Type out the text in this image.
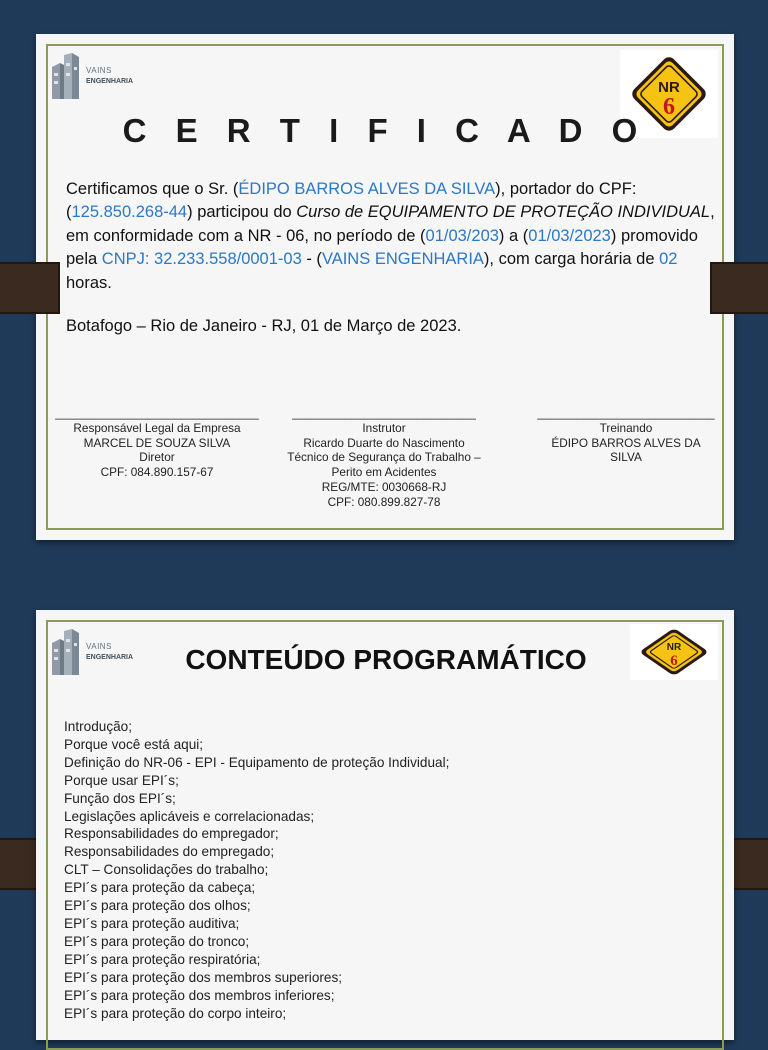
VAINS
ENGENHARIA	NR
6
C E R T I F I C A D O
Certificamos que o Sr. (ÉDIPO BARROS ALVES DA SILVA), portador do CPF: (125.850.268-44) participou do Curso de EQUIPAMENTO DE PROTEÇÃO INDIVIDUAL, em conformidade com a NR - 06, no período de (01/03/203) a (01/03/2023) promovido pela CNPJ: 32.233.558/0001-03 - (VAINS ENGENHARIA), com carga horária de 02 horas.
Botafogo – Rio de Janeiro - RJ, 01 de Março de 2023.
_______________________________
Responsável Legal da Empresa
MARCEL DE SOUZA SILVA
Diretor
CPF: 084.890.157-67
____________________________
Instrutor
Ricardo Duarte do Nascimento
Técnico de Segurança do Trabalho –
Perito em Acidentes
REG/MTE: 0030668-RJ
CPF: 080.899.827-78
___________________________
Treinando
ÉDIPO BARROS ALVES DA
SILVA
VAINS
ENGENHARIA
NR
6
CONTEÚDO PROGRAMÁTICO
Introdução;
Porque você está aqui;
Definição do NR-06 - EPI - Equipamento de proteção Individual;
Porque usar EPI´s;
Função dos EPI´s;
Legislações aplicáveis e correlacionadas;
Responsabilidades do empregador;
Responsabilidades do empregado;
CLT – Consolidações do trabalho;
EPI´s para proteção da cabeça;
EPI´s para proteção dos olhos;
EPI´s para proteção auditiva;
EPI´s para proteção do tronco;
EPI´s para proteção respiratória;
EPI´s para proteção dos membros superiores;
EPI´s para proteção dos membros inferiores;
EPI´s para proteção do corpo inteiro;
